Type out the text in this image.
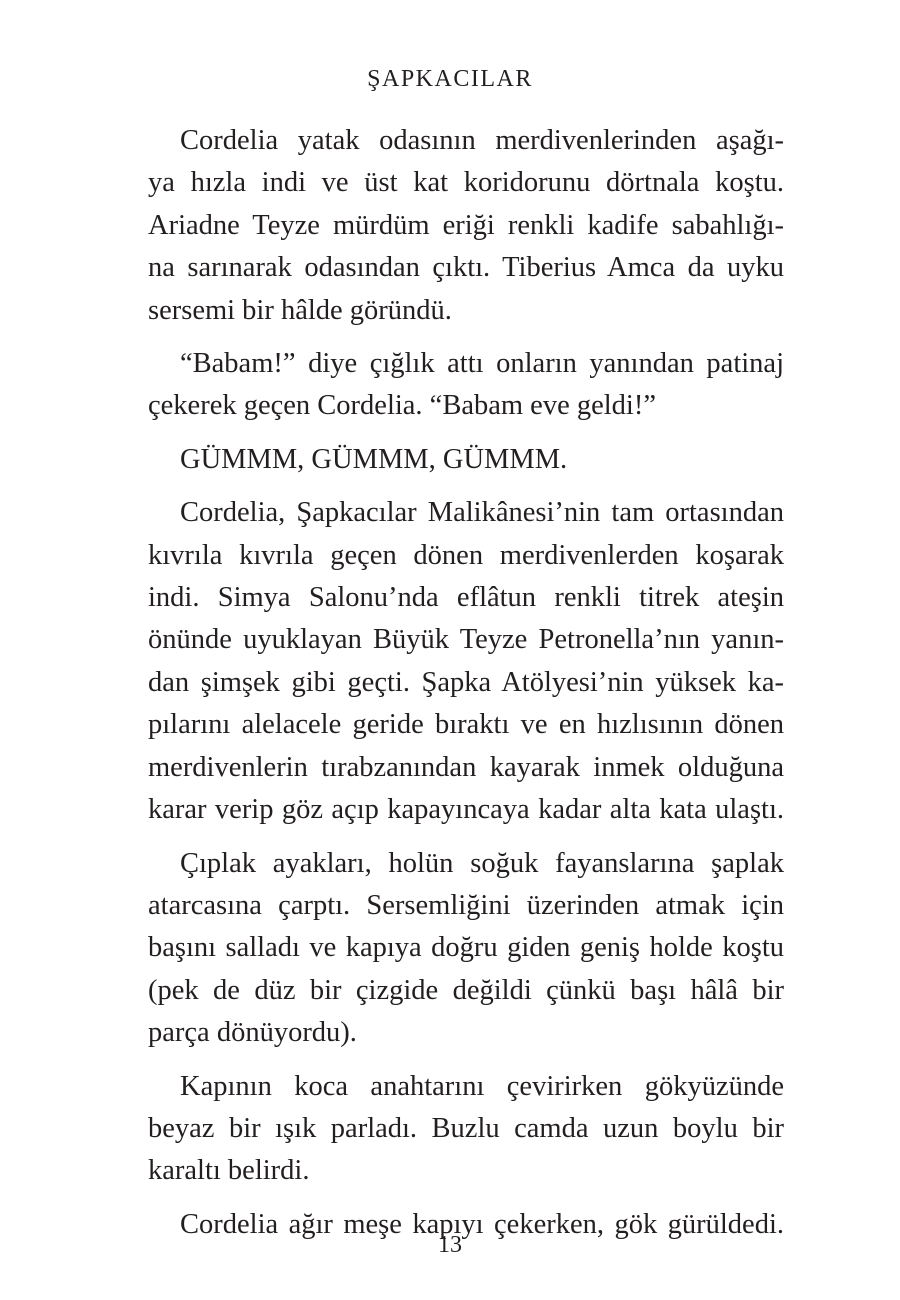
ŞAPKACILAR
Cordelia yatak odasının merdivenlerinden aşağı-
ya hızla indi ve üst kat koridorunu dörtnala koştu.
Ariadne Teyze mürdüm eriği renkli kadife sabahlığı-
na sarınarak odasından çıktı. Tiberius Amca da uyku
sersemi bir hâlde göründü.
“Babam!” diye çığlık attı onların yanından patinaj
çekerek geçen Cordelia. “Babam eve geldi!”
GÜMMM, GÜMMM, GÜMMM.
Cordelia, Şapkacılar Malikânesi’nin tam ortasından
kıvrıla kıvrıla geçen dönen merdivenlerden koşarak
indi. Simya Salonu’nda eflâtun renkli titrek ateşin
önünde uyuklayan Büyük Teyze Petronella’nın yanın-
dan şimşek gibi geçti. Şapka Atölyesi’nin yüksek ka-
pılarını alelacele geride bıraktı ve en hızlısının dönen
merdivenlerin tırabzanından kayarak inmek olduğuna
karar verip göz açıp kapayıncaya kadar alta kata ulaştı.
Çıplak ayakları, holün soğuk fayanslarına şaplak
atarcasına çarptı. Sersemliğini üzerinden atmak için
başını salladı ve kapıya doğru giden geniş holde koştu
(pek de düz bir çizgide değildi çünkü başı hâlâ bir
parça dönüyordu).
Kapının koca anahtarını çevirirken gökyüzünde
beyaz bir ışık parladı. Buzlu camda uzun boylu bir
karaltı belirdi.
Cordelia ağır meşe kapıyı çekerken, gök gürüldedi.
13
